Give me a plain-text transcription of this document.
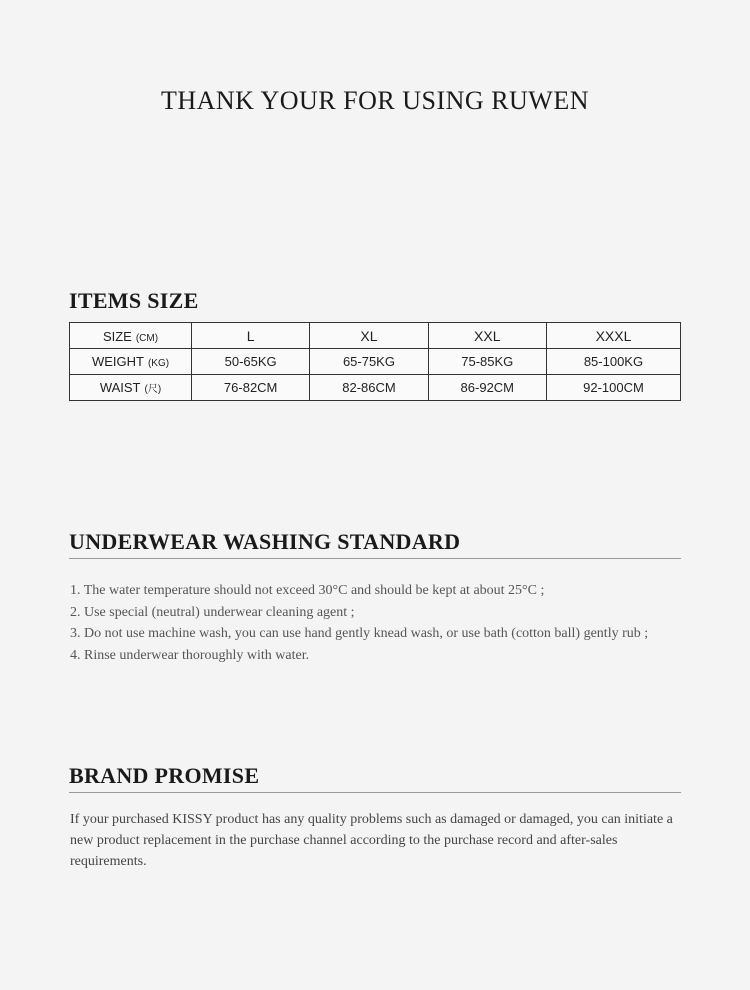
THANK YOUR FOR USING RUWEN
ITEMS SIZE
SIZE (CM)	L	XL	XXL	XXXL
WEIGHT (KG)	50-65KG	65-75KG	75-85KG	85-100KG
WAIST (尺)	76-82CM	82-86CM	86-92CM	92-100CM
UNDERWEAR WASHING STANDARD
1. The water temperature should not exceed 30°C and should be kept at about 25°C ;
2. Use special (neutral) underwear cleaning agent ;
3. Do not use machine wash, you can use hand gently knead wash, or use bath (cotton ball) gently rub ;
4. Rinse underwear thoroughly with water.
BRAND PROMISE

If your purchased KISSY product has any quality problems such as damaged or damaged, you can initiate a new product replacement in the purchase channel according to the purchase record and after-sales requirements.
